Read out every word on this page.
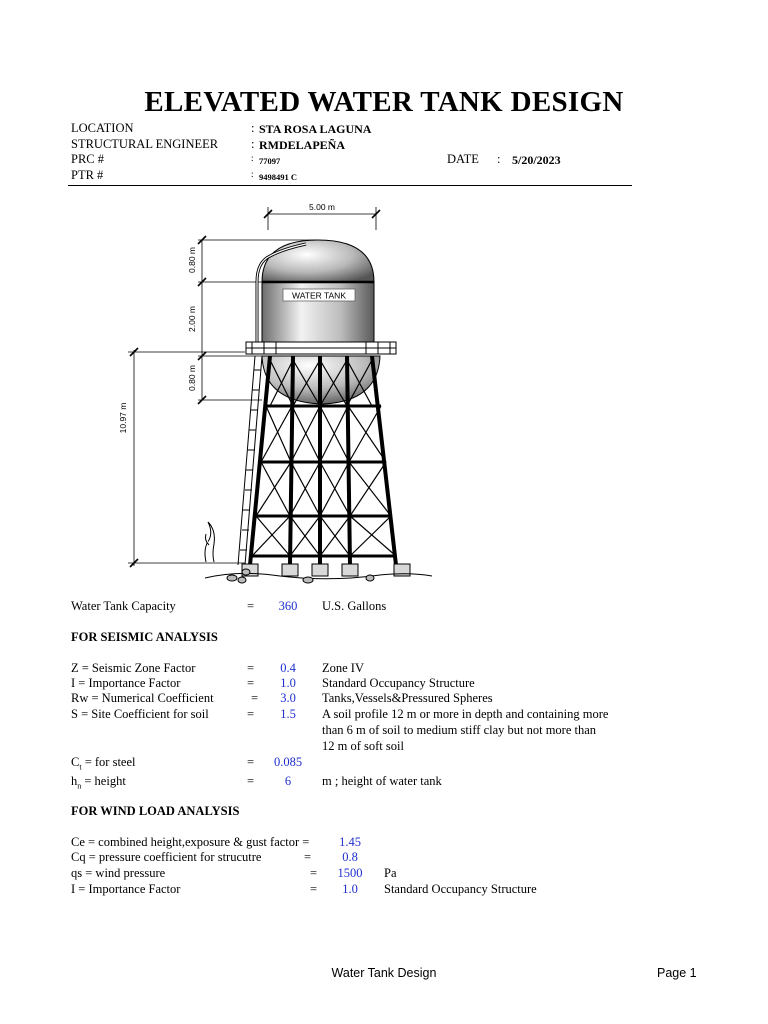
ELEVATED WATER TANK DESIGN
LOCATION	: STA ROSA LAGUNA
STRUCTURAL ENGINEER	: RMDELAPEÑA
PRC #	: 77097	DATE : 5/20/2023
PTR #	: 9498491 C
5.00 m
0.80 m
2.00 m
0.80 m
10.97 m
WATER TANK
Water Tank Capacity	=	360	U.S. Gallons
FOR SEISMIC ANALYSIS
Z = Seismic Zone Factor	=	0.4	Zone IV
I = Importance Factor	=	1.0	Standard Occupancy Structure
Rw = Numerical Coefficient	=	3.0	Tanks,Vessels&Pressured Spheres
S = Site Coefficient for soil	=	1.5	A soil profile 12 m or more in depth and containing more
than 6 m of soil to medium stiff clay but not more than
12 m of soft soil
$C_t$ = for steel	=	0.085
$h_n$ = height	=	6	m ; height of water tank
FOR WIND LOAD ANALYSIS
Ce = combined height,exposure & gust factor =	1.45
Cq = pressure coefficient for strucutre	=	0.8
qs = wind pressure	=	1500	Pa
I = Importance Factor	=	1.0	Standard Occupancy Structure
Water Tank Design	Page 1
